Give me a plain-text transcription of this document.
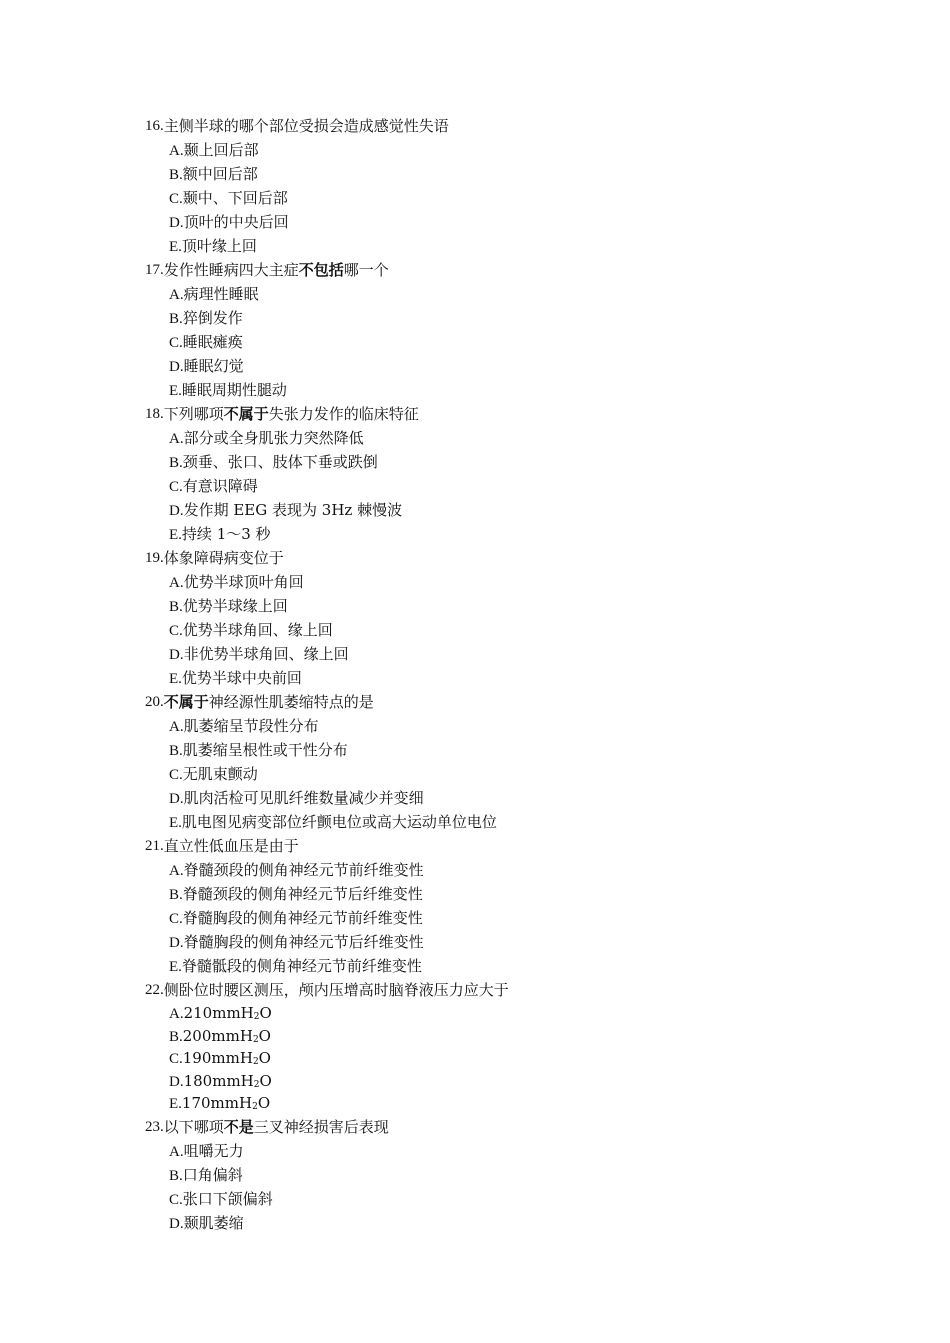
16. 主侧半球的哪个部位受损会造成感觉性失语
A.颞上回后部
B.额中回后部
C.颞中、下回后部
D.顶叶的中央后回
E.顶叶缘上回
17. 发作性睡病四大主症不包括哪一个
A.病理性睡眠
B.猝倒发作
C.睡眠瘫痪
D.睡眠幻觉
E.睡眠周期性腿动
18. 下列哪项不属于失张力发作的临床特征
A.部分或全身肌张力突然降低
B.颈垂、张口、肢体下垂或跌倒
C.有意识障碍
D.发作期 EEG 表现为 3Hz 棘慢波
E.持续 1～3 秒
19. 体象障碍病变位于
A.优势半球顶叶角回
B.优势半球缘上回
C.优势半球角回、缘上回
D.非优势半球角回、缘上回
E.优势半球中央前回
20. 不属于神经源性肌萎缩特点的是
A.肌萎缩呈节段性分布
B.肌萎缩呈根性或干性分布
C.无肌束颤动
D.肌肉活检可见肌纤维数量减少并变细
E.肌电图见病变部位纤颤电位或高大运动单位电位
21. 直立性低血压是由于
A.脊髓颈段的侧角神经元节前纤维变性
B.脊髓颈段的侧角神经元节后纤维变性
C.脊髓胸段的侧角神经元节前纤维变性
D.脊髓胸段的侧角神经元节后纤维变性
E.脊髓骶段的侧角神经元节前纤维变性
22. 侧卧位时腰区测压，颅内压增高时脑脊液压力应大于
A.210mmH$_2$O
B.200mmH$_2$O
C.190mmH$_2$O
D.180mmH$_2$O
E.170mmH$_2$O
23. 以下哪项不是三叉神经损害后表现
A.咀嚼无力
B.口角偏斜
C.张口下颌偏斜
D.颞肌萎缩
